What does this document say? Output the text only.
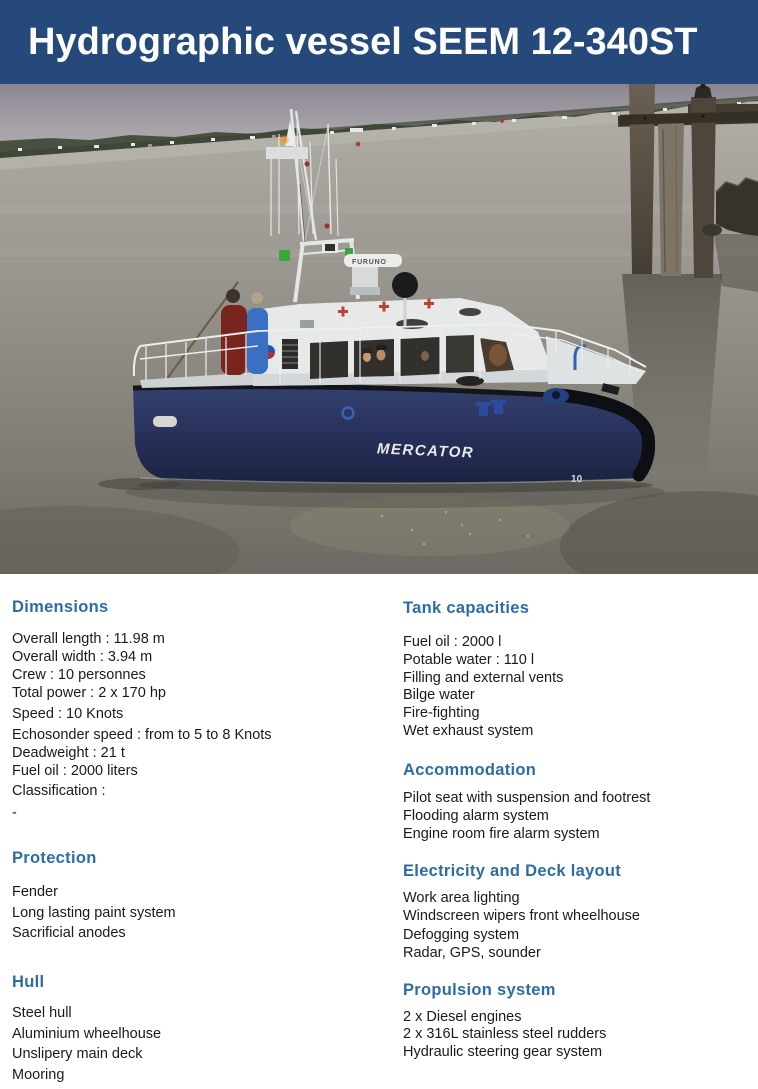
Hydrographic vessel SEEM 12-340ST
MERCATOR
10
FURUNO
Dimensions
Overall length : 11.98 m
Overall width : 3.94 m
Crew : 10 personnes
Total power : 2 x 170 hp
Speed : 10 Knots
Echosonder speed : from to 5 to 8 Knots
Deadweight : 21 t
Fuel oil : 2000 liters
Classification :
-
Protection
Fender
Long lasting paint system
Sacrificial anodes
Hull
Steel hull
Aluminium wheelhouse
Unslipery main deck
Mooring
Tank capacities
Fuel oil : 2000 l
Potable water : 110 l
Filling and external vents
Bilge water
Fire-fighting
Wet exhaust system
Accommodation
Pilot seat with suspension and footrest
Flooding alarm system
Engine room fire alarm system
Electricity and Deck layout
Work area lighting
Windscreen wipers front wheelhouse
Defogging system
Radar, GPS, sounder
Propulsion system
2 x Diesel engines
2 x 316L stainless steel rudders
Hydraulic steering gear system
